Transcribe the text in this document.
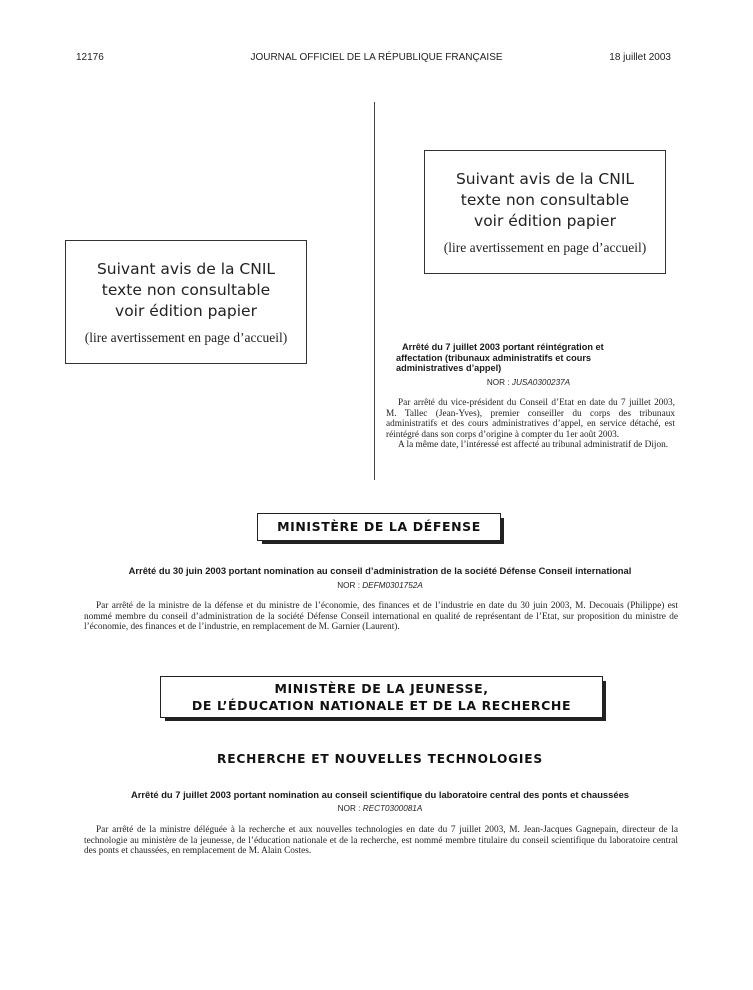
12176	JOURNAL OFFICIEL DE LA RÉPUBLIQUE FRANÇAISE	18 juillet 2003
Suivant avis de la CNIL
texte non consultable
voir édition papier
(lire avertissement en page d’accueil)
Suivant avis de la CNIL
texte non consultable
voir édition papier
(lire avertissement en page d’accueil)
Arrêté du 7 juillet 2003 portant réintégration et
affectation (tribunaux administratifs et cours
administratives d’appel)
NOR : JUSA0300237A

Par arrêté du vice-président du Conseil d’Etat en date du 7 juillet 2003, M. Tallec (Jean-Yves), premier conseiller du corps des tribunaux administratifs et des cours administratives d’appel, en service détaché, est réintégré dans son corps d’origine à compter du 1er août 2003.

A la même date, l’intéressé est affecté au tribunal administratif de Dijon.

MINISTÈRE DE LA DÉFENSE
Arrêté du 30 juin 2003 portant nomination au conseil d’administration de la société Défense Conseil international
NOR : DEFM0301752A

Par arrêté de la ministre de la défense et du ministre de l’économie, des finances et de l’industrie en date du 30 juin 2003, M. Decouais (Philippe) est nommé membre du conseil d’administration de la société Défense Conseil international en qualité de représentant de l’Etat, sur proposition du ministre de l’économie, des finances et de l’industrie, en remplacement de M. Garnier (Laurent).

MINISTÈRE DE LA JEUNESSE,
DE L’ÉDUCATION NATIONALE ET DE LA RECHERCHE
RECHERCHE ET NOUVELLES TECHNOLOGIES
Arrêté du 7 juillet 2003 portant nomination au conseil scientifique du laboratoire central des ponts et chaussées
NOR : RECT0300081A

Par arrêté de la ministre déléguée à la recherche et aux nouvelles technologies en date du 7 juillet 2003, M. Jean-Jacques Gagnepain, directeur de la technologie au ministère de la jeunesse, de l’éducation nationale et de la recherche, est nommé membre titulaire du conseil scientifique du laboratoire central des ponts et chaussées, en remplacement de M. Alain Costes.
